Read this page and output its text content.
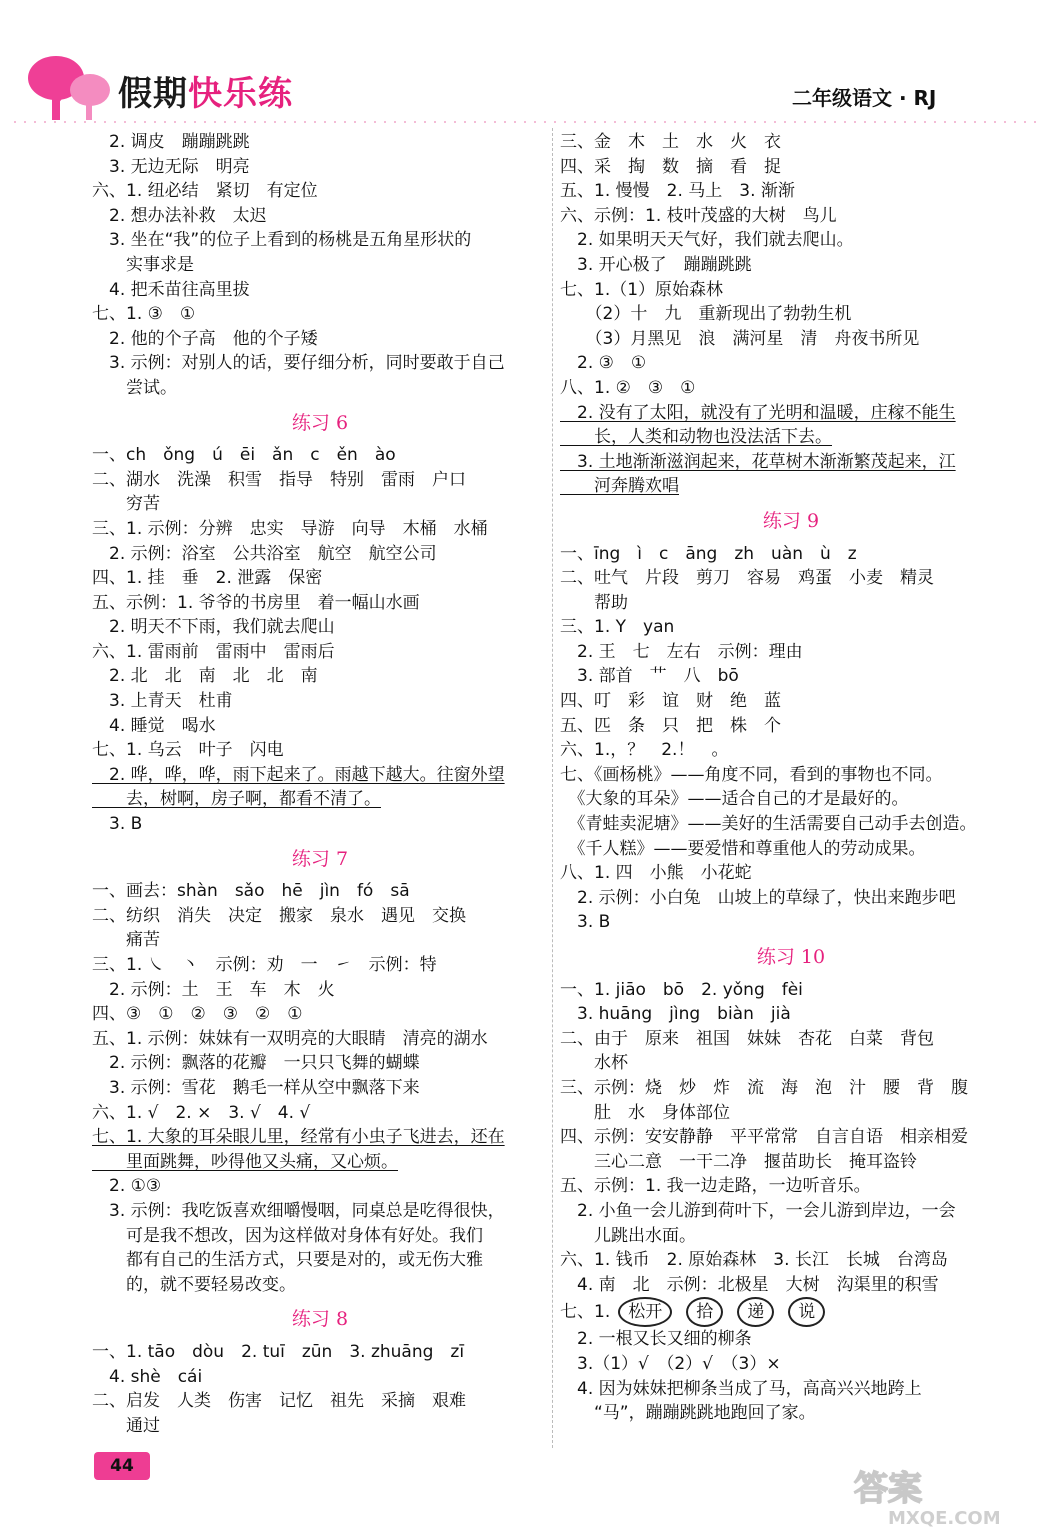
假期快乐练	二年级语文 · RJ
　2. 调皮　蹦蹦跳跳
　3. 无边无际　明亮
六、1. 纽必结　紧切　有定位
　2. 想办法补救　太迟
　3. 坐在“我”的位子上看到的杨桃是五角星形状的
　　实事求是
　4. 把禾苗往高里拔
七、1. ③　①
　2. 他的个子高　他的个子矮
　3. 示例：对别人的话，要仔细分析，同时要敢于自己
　　尝试。
练习 6
一、ch　ǒng　ú　ēi　ǎn　c　ěn　ào
二、湖水　洗澡　积雪　指导　特别　雷雨　户口
　　穷苦
三、1. 示例：分辨　忠实　导游　向导　木桶　水桶
　2. 示例：浴室　公共浴室　航空　航空公司
四、1. 挂　垂　2. 泄露　保密
五、示例：1. 爷爷的书房里　着一幅山水画
　2. 明天不下雨，我们就去爬山
六、1. 雷雨前　雷雨中　雷雨后
　2. 北　北　南　北　北　南
　3. 上青天　杜甫
　4. 睡觉　喝水
七、1. 乌云　叶子　闪电
　2. 哗，哗，哗，雨下起来了。雨越下越大。往窗外望
　　去，树啊，房子啊，都看不清了。
　3. B
练习 7
一、画去：shàn　sǎo　hē　jìn　fó　sā
二、纺织　消失　决定　搬家　泉水　遇见　交换
　　痛苦
三、1. ㇏　丶　示例：劝　一　㇀　示例：特
　2. 示例：土　王　车　木　火
四、③　①　②　③　②　①
五、1. 示例：妹妹有一双明亮的大眼睛　清亮的湖水
　2. 示例：飘落的花瓣　一只只飞舞的蝴蝶
　3. 示例：雪花　鹅毛一样从空中飘落下来
六、1. √　2. ×　3. √　4. √
七、1. 大象的耳朵眼儿里，经常有小虫子飞进去，还在
　　里面跳舞，吵得他又头痛，又心烦。
　2. ①③
　3. 示例：我吃饭喜欢细嚼慢咽，同桌总是吃得很快，
　　可是我不想改，因为这样做对身体有好处。我们
　　都有自己的生活方式，只要是对的，或无伤大雅
　　的，就不要轻易改变。
练习 8
一、1. tāo　dòu　2. tuī　zūn　3. zhuāng　zī
　4. shè　cái
二、启发　人类　伤害　记忆　祖先　采摘　艰难
　　通过
三、金　木　土　水　火　衣
四、采　掏　数　摘　看　捉
五、1. 慢慢　2. 马上　3. 渐渐
六、示例：1. 枝叶茂盛的大树　鸟儿
　2. 如果明天天气好，我们就去爬山。
　3. 开心极了　蹦蹦跳跳
七、1.（1）原始森林
　　（2）十　九　重新现出了勃勃生机
　　（3）月黑见　浪　满河星　清　舟夜书所见
　2. ③　①
八、1. ②　③　①
　2. 没有了太阳，就没有了光明和温暖，庄稼不能生
　　长，人类和动物也没法活下去。
　3. 土地渐渐滋润起来，花草树木渐渐繁茂起来，江
　　河奔腾欢唱
练习 9
一、īng　ì　c　āng　zh　uàn　ù　z
二、吐气　片段　剪刀　容易　鸡蛋　小麦　精灵
　　帮助
三、1. Y　yan
　2. 王　七　左右　示例：理由
　3. 部首　艹　八　bō
四、叮　彩　谊　财　绝　蓝
五、匹　条　只　把　株　个
六、1.，？　2.！　。
七、《画杨桃》——角度不同，看到的事物也不同。
　《大象的耳朵》——适合自己的才是最好的。
　《青蛙卖泥塘》——美好的生活需要自己动手去创造。
　《千人糕》——要爱惜和尊重他人的劳动成果。
八、1. 四　小熊　小花蛇
　2. 示例：小白兔　山坡上的草绿了，快出来跑步吧
　3. B
练习 10
一、1. jiāo　bō　2. yǒng　fèi
　3. huāng　jìng　biàn　jià
二、由于　原来　祖国　妹妹　杏花　白菜　背包
　　水杯
三、示例：烧　炒　炸　流　海　泡　汁　腰　背　腹
　　肚　水　身体部位
四、示例：安安静静　平平常常　自言自语　相亲相爱
　　三心二意　一干二净　揠苗助长　掩耳盗铃
五、示例：1. 我一边走路，一边听音乐。
　2. 小鱼一会儿游到荷叶下，一会儿游到岸边，一会
　　儿跳出水面。
六、1. 钱币　2. 原始森林　3. 长江　长城　台湾岛
　4. 南　北　示例：北极星　大树　沟渠里的积雪
七、1. 松开 拾 递 说
　2. 一根又长又细的柳条
　3.（1）√　（2）√　（3）×
　4. 因为妹妹把柳条当成了马，高高兴兴地跨上
　　“马”，蹦蹦跳跳地跑回了家。
44
答案
MXQE.COM
